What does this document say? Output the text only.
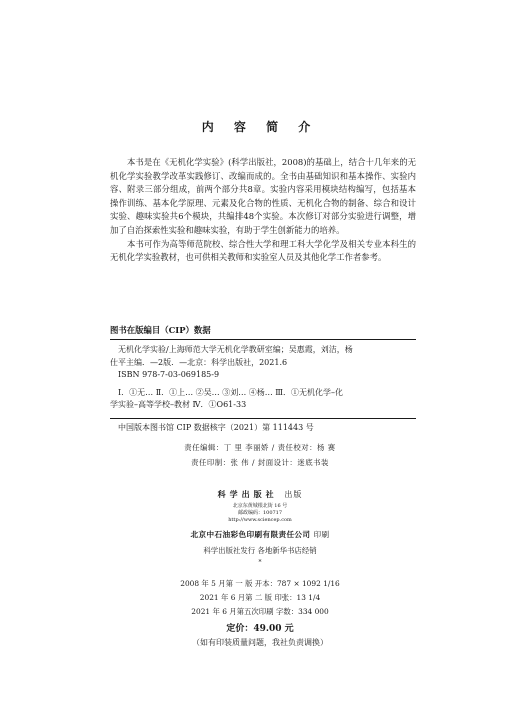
内 容 简 介

本书是在《无机化学实验》(科学出版社，2008)的基础上，结合十几年来的无机化学实验教学改革实践修订、改编而成的。全书由基础知识和基本操作、实验内容、附录三部分组成，前两个部分共8章。实验内容采用模块结构编写，包括基本操作训练、基本化学原理、元素及化合物的性质、无机化合物的制备、综合和设计实验、趣味实验共6个模块，共编排48个实验。本次修订对部分实验进行调整，增加了自治探索性实验和趣味实验，有助于学生创新能力的培养。

本书可作为高等师范院校、综合性大学和理工科大学化学及相关专业本科生的无机化学实验教材，也可供相关教师和实验室人员及其他化学工作者参考。

图书在版编目（CIP）数据
无机化学实验/上海师范大学无机化学教研室编；吴惠霞，刘洁，杨
仕平主编．—2版．—北京：科学出版社，2021.6
ISBN 978-7-03-069185-9
Ⅰ．①无… Ⅱ．①上… ②吴… ③刘… ④杨… Ⅲ．①无机化学–化
学实验–高等学校–教材 Ⅳ．①O61-33
中国版本图书馆 CIP 数据核字（2021）第 111443 号
责任编辑：丁 里 李丽娇 / 责任校对：杨 赛
责任印制：张 伟 / 封面设计：迷底书装
科学出版社 出版
北京东黄城根北街 16 号
邮政编码：100717
http://www.sciencep.com
北京中石油彩色印刷有限责任公司 印刷
科学出版社发行 各地新华书店经销
*
2008 年 5 月第 一 版 开本：787 × 1092 1/16
2021 年 6 月第 二 版 印张：13 1/4
2021 年 6 月第五次印刷 字数：334 000
定价：49.00 元
（如有印装质量问题，我社负责调换）
